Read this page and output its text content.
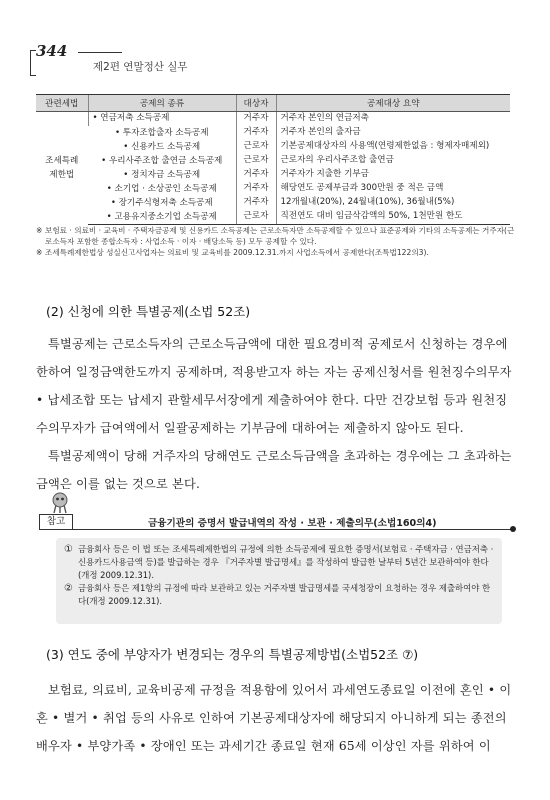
344
제2편 연말정산 실무
관련세법	공제의 종류	대상자	공제대상 요약
조세특례
제한법	• 연금저축 소득공제	거주자	거주자 본인의 연금저축
	• 투자조합출자 소득공제	거주자	거주자 본인의 출자금
	• 신용카드 소득공제	근로자	기본공제대상자의 사용액(연령제한없음 : 형제자매제외)
	• 우리사주조합 출연금 소득공제	근로자	근로자의 우리사주조합 출연금
	• 정치자금 소득공제	거주자	거주자가 지출한 기부금
	• 소기업 · 소상공인 소득공제	거주자	해당연도 공제부금과 300만원 중 적은 금액
	• 장기주식형저축 소득공제	거주자	12개월내(20%), 24월내(10%), 36월내(5%)
	• 고용유지중소기업 소득공제	근로자	직전연도 대비 임금삭감액의 50%, 1천만원 한도
※ 보험료 · 의료비 · 교육비 · 주택자금공제 및 신용카드 소득공제는 근로소득자만 소득공제할 수 있으나 표준공제와 기타의 소득공제는 거주자(근로소득자 포함한 종합소득자 : 사업소득 · 이자 · 배당소득 등) 모두 공제할 수 있다.
※ 조세특례제한법상 성실신고사업자는 의료비 및 교육비를 2009.12.31.까지 사업소득에서 공제한다(조특법122의3).
(2) 신청에 의한 특별공제(소법 52조)

특별공제는 근로소득자의 근로소득금액에 대한 필요경비적 공제로서 신청하는 경우에 한하여 일정금액한도까지 공제하며, 적용받고자 하는 자는 공제신청서를 원천징수의무자 • 납세조합 또는 납세지 관할세무서장에게 제출하여야 한다. 다만 건강보험 등과 원천징수의무자가 급여액에서 일괄공제하는 기부금에 대하여는 제출하지 않아도 된다.

특별공제액이 당해 거주자의 당해연도 근로소득금액을 초과하는 경우에는 그 초과하는 금액은 이를 없는 것으로 본다.

참고	금융기관의 증명서 발급내역의 작성 · 보관 · 제출의무(소법160의4)
① 금융회사 등은 이 법 또는 조세특례제한법의 규정에 의한 소득공제에 필요한 증명서(보험료 · 주택자금 · 연금저축 · 신용카드사용금액 등)를 발급하는 경우 『거주자별 발급명세』를 작성하여 발급한 날부터 5년간 보관하여야 한다(개정 2009.12.31).
② 금융회사 등은 제1항의 규정에 따라 보관하고 있는 거주자별 발급명세를 국세청장이 요청하는 경우 제출하여야 한다(개정 2009.12.31).
(3) 연도 중에 부양자가 변경되는 경우의 특별공제방법(소법52조 ⑦)

보험료, 의료비, 교육비공제 규정을 적용함에 있어서 과세연도종료일 이전에 혼인 • 이혼 • 별거 • 취업 등의 사유로 인하여 기본공제대상자에 해당되지 아니하게 되는 종전의 배우자 • 부양가족 • 장애인 또는 과세기간 종료일 현재 65세 이상인 자를 위하여 이
